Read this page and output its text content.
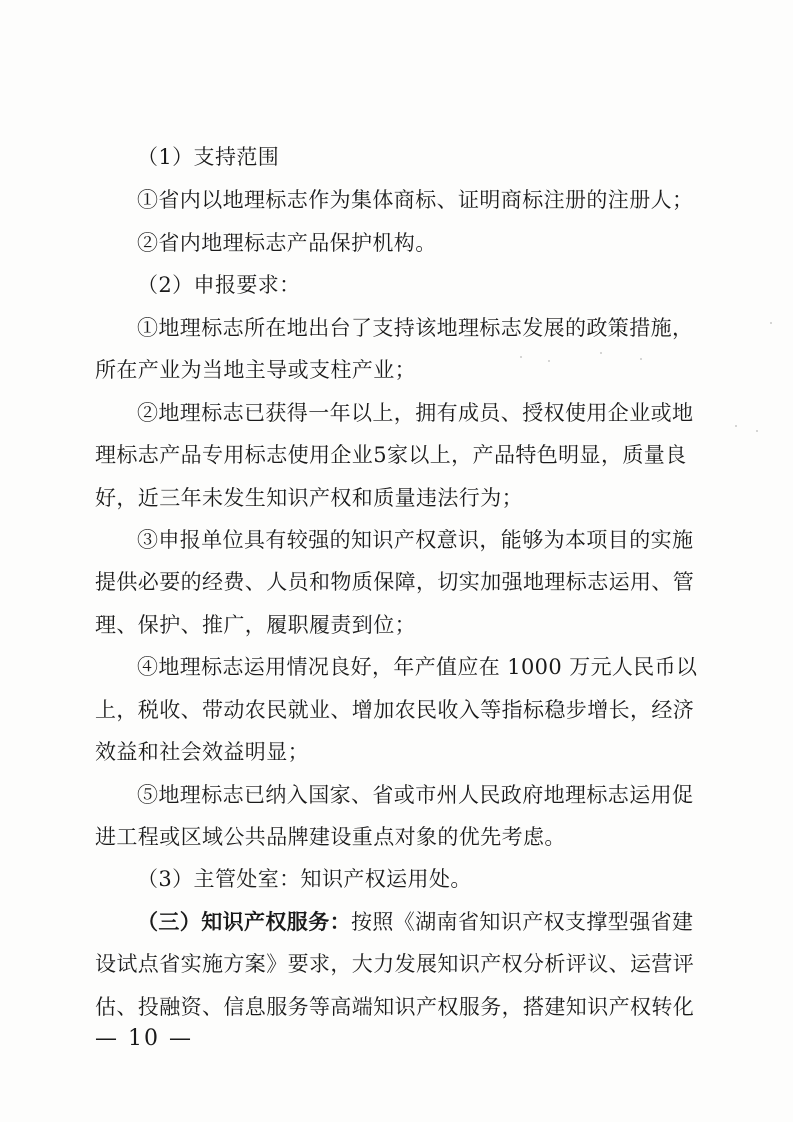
（1）支持范围
①省内以地理标志作为集体商标、证明商标注册的注册人；
②省内地理标志产品保护机构。
（2）申报要求：
①地理标志所在地出台了支持该地理标志发展的政策措施，
所在产业为当地主导或支柱产业；
②地理标志已获得一年以上，拥有成员、授权使用企业或地
理标志产品专用标志使用企业5家以上，产品特色明显，质量良
好，近三年未发生知识产权和质量违法行为；
③申报单位具有较强的知识产权意识，能够为本项目的实施
提供必要的经费、人员和物质保障，切实加强地理标志运用、管
理、保护、推广，履职履责到位；
④地理标志运用情况良好，年产值应在 1000 万元人民币以
上，税收、带动农民就业、增加农民收入等指标稳步增长，经济
效益和社会效益明显；
⑤地理标志已纳入国家、省或市州人民政府地理标志运用促
进工程或区域公共品牌建设重点对象的优先考虑。
（3）主管处室：知识产权运用处。
（三）知识产权服务：按照《湖南省知识产权支撑型强省建
设试点省实施方案》要求，大力发展知识产权分析评议、运营评
估、投融资、信息服务等高端知识产权服务，搭建知识产权转化
— 10 —
